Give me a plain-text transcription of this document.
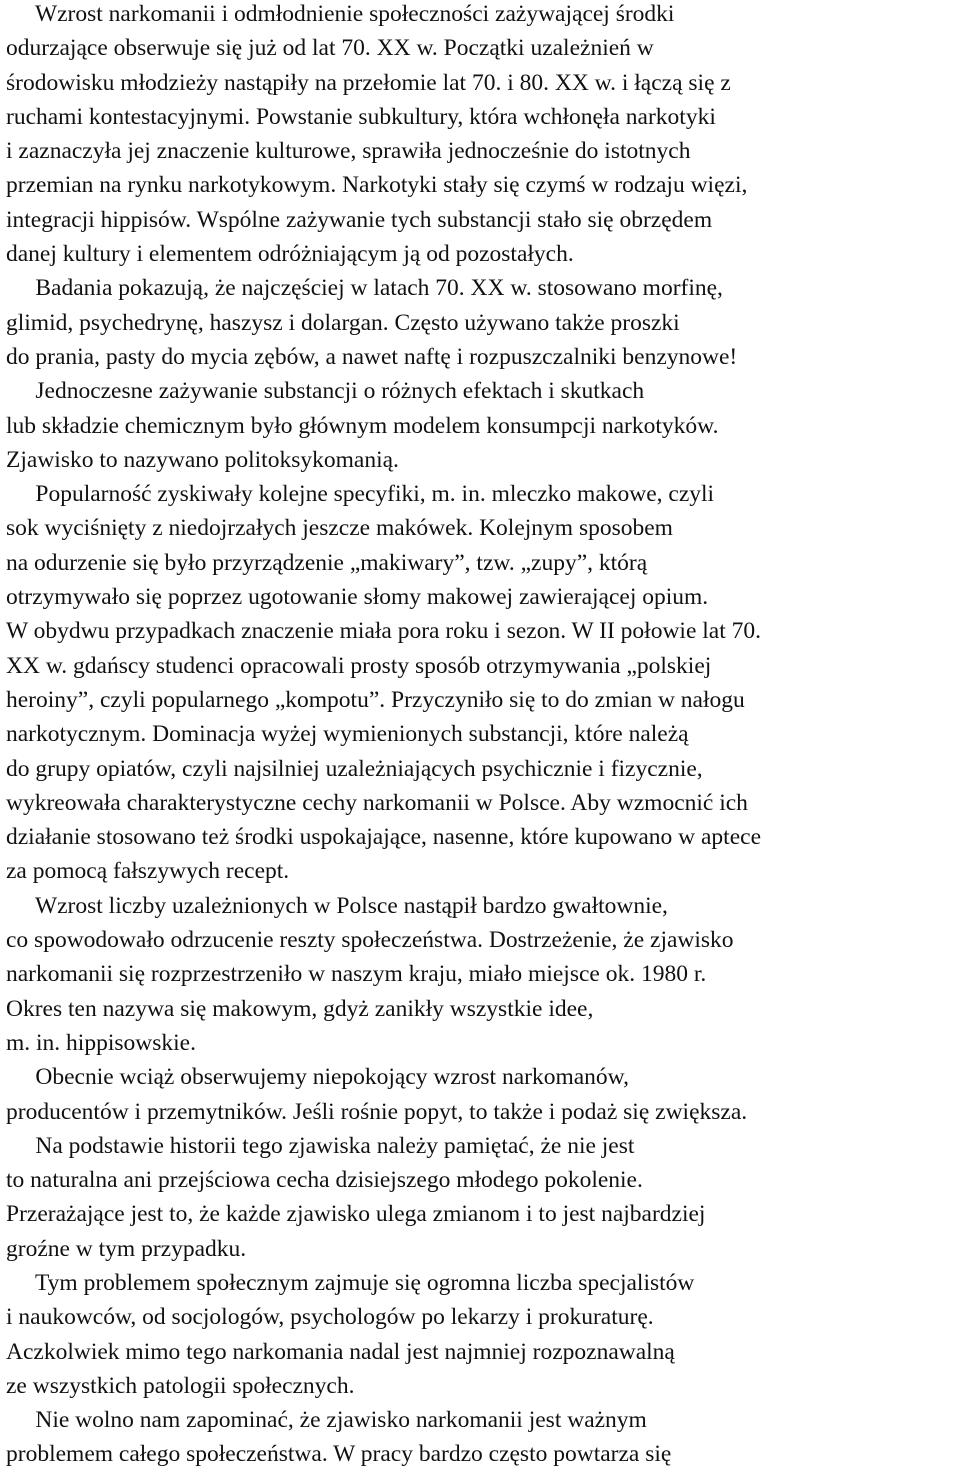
Wzrost narkomanii i odmłodnienie społeczności zażywającej środki
odurzające obserwuje się już od lat 70. XX w. Początki uzależnień w
środowisku młodzieży nastąpiły na przełomie lat 70. i 80. XX w. i łączą się z
ruchami kontestacyjnymi. Powstanie subkultury, która wchłonęła narkotyki
i zaznaczyła jej znaczenie kulturowe, sprawiła jednocześnie do istotnych
przemian na rynku narkotykowym. Narkotyki stały się czymś w rodzaju więzi,
integracji hippisów. Wspólne zażywanie tych substancji stało się obrzędem
danej kultury i elementem odróżniającym ją od pozostałych.
Badania pokazują, że najczęściej w latach 70. XX w. stosowano morfinę,
glimid, psychedrynę, haszysz i dolargan. Często używano także proszki
do prania, pasty do mycia zębów, a nawet naftę i rozpuszczalniki benzynowe!
Jednoczesne zażywanie substancji o różnych efektach i skutkach
lub składzie chemicznym było głównym modelem konsumpcji narkotyków.
Zjawisko to nazywano politoksykomanią.
Popularność zyskiwały kolejne specyfiki, m. in. mleczko makowe, czyli
sok wyciśnięty z niedojrzałych jeszcze makówek. Kolejnym sposobem
na odurzenie się było przyrządzenie „makiwary”, tzw. „zupy”, którą
otrzymywało się poprzez ugotowanie słomy makowej zawierającej opium.
W obydwu przypadkach znaczenie miała pora roku i sezon. W II połowie lat 70.
XX w. gdańscy studenci opracowali prosty sposób otrzymywania „polskiej
heroiny”, czyli popularnego „kompotu”. Przyczyniło się to do zmian w nałogu
narkotycznym. Dominacja wyżej wymienionych substancji, które należą
do grupy opiatów, czyli najsilniej uzależniających psychicznie i fizycznie,
wykreowała charakterystyczne cechy narkomanii w Polsce. Aby wzmocnić ich
działanie stosowano też środki uspokajające, nasenne, które kupowano w aptece
za pomocą fałszywych recept.
Wzrost liczby uzależnionych w Polsce nastąpił bardzo gwałtownie,
co spowodowało odrzucenie reszty społeczeństwa. Dostrzeżenie, że zjawisko
narkomanii się rozprzestrzeniło w naszym kraju, miało miejsce ok. 1980 r.
Okres ten nazywa się makowym, gdyż zanikły wszystkie idee,
m. in. hippisowskie.
Obecnie wciąż obserwujemy niepokojący wzrost narkomanów,
producentów i przemytników. Jeśli rośnie popyt, to także i podaż się zwiększa.
Na podstawie historii tego zjawiska należy pamiętać, że nie jest
to naturalna ani przejściowa cecha dzisiejszego młodego pokolenie.
Przerażające jest to, że każde zjawisko ulega zmianom i to jest najbardziej
groźne w tym przypadku.
Tym problemem społecznym zajmuje się ogromna liczba specjalistów
i naukowców, od socjologów, psychologów po lekarzy i prokuraturę.
Aczkolwiek mimo tego narkomania nadal jest najmniej rozpoznawalną
ze wszystkich patologii społecznych.
Nie wolno nam zapominać, że zjawisko narkomanii jest ważnym
problemem całego społeczeństwa. W pracy bardzo często powtarza się
